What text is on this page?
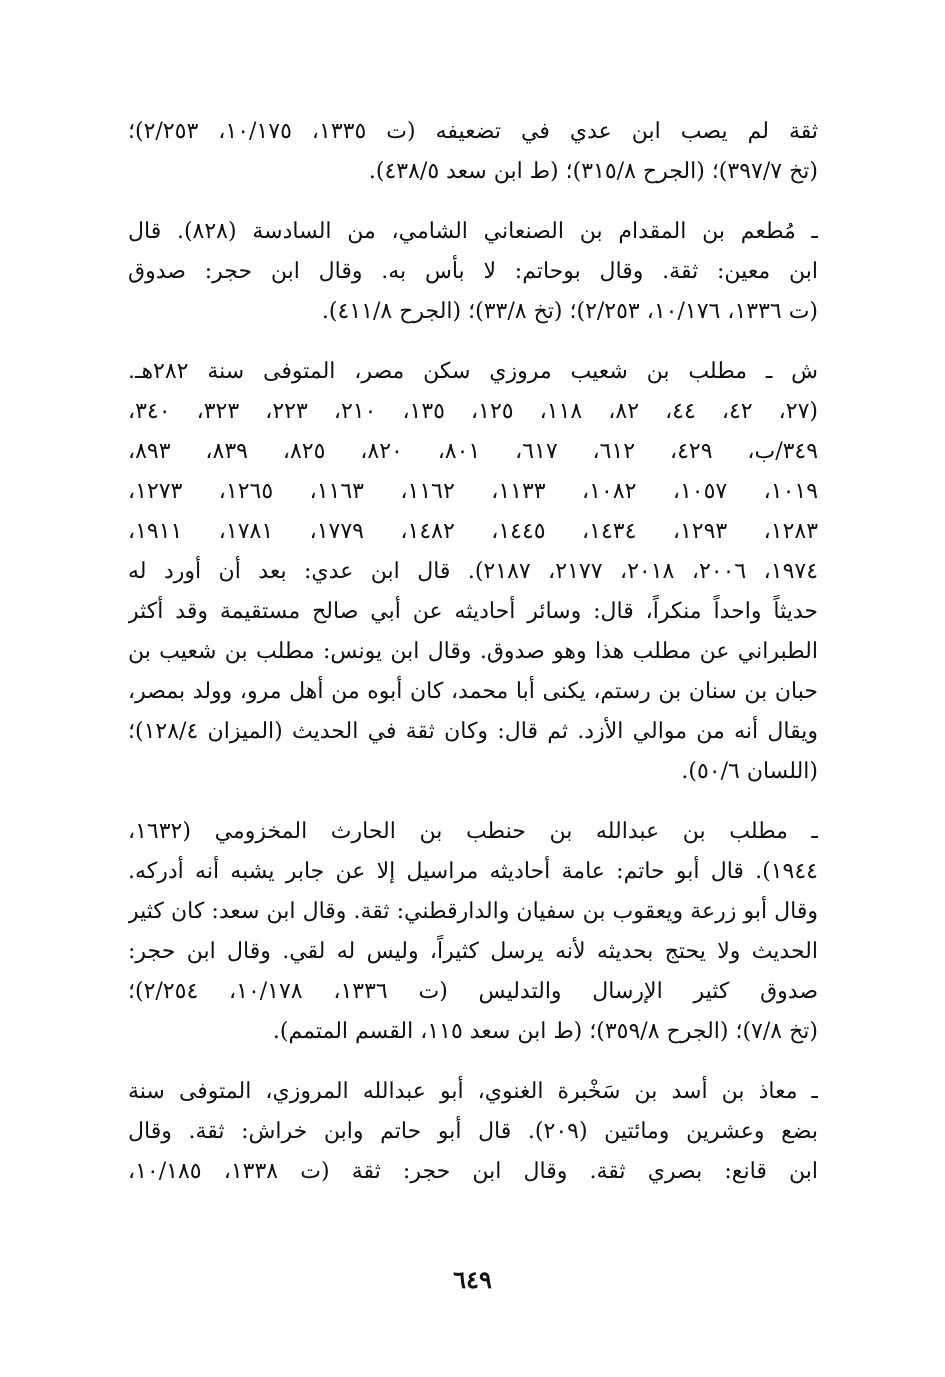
ثقة لم يصب ابن عدي في تضعيفه (ت ١٣٣٥، ١٠/١٧٥، ٢/٢٥٣)؛
(تخ ٣٩٧/٧)؛ (الجرح ٣١٥/٨)؛ (ط ابن سعد ٤٣٨/٥).
ـ مُطعم بن المقدام بن الصنعاني الشامي، من السادسة (٨٢٨). قال
ابن معين: ثقة. وقال بوحاتم: لا بأس به. وقال ابن حجر: صدوق
(ت ١٣٣٦، ١٠/١٧٦، ٢/٢٥٣)؛ (تخ ٣٣/٨)؛ (الجرح ٤١١/٨).
ش ـ مطلب بن شعيب مروزي سكن مصر، المتوفى سنة ٢٨٢هـ.
(٢٧، ٤٢، ٤٤، ٨٢، ١١٨، ١٢٥، ١٣٥، ٢١٠، ٢٢٣، ٣٢٣، ٣٤٠،
٣٤٩/ب، ٤٢٩، ٦١٢، ٦١٧، ٨٠١، ٨٢٠، ٨٢٥، ٨٣٩، ٨٩٣،
١٠١٩، ١٠٥٧، ١٠٨٢، ١١٣٣، ١١٦٢، ١١٦٣، ١٢٦٥، ١٢٧٣،
١٢٨٣، ١٢٩٣، ١٤٣٤، ١٤٤٥، ١٤٨٢، ١٧٧٩، ١٧٨١، ١٩١١،
١٩٧٤، ٢٠٠٦، ٢٠١٨، ٢١٧٧، ٢١٨٧). قال ابن عدي: بعد أن أورد له
حديثاً واحداً منكراً، قال: وسائر أحاديثه عن أبي صالح مستقيمة وقد أكثر
الطبراني عن مطلب هذا وهو صدوق. وقال ابن يونس: مطلب بن شعيب بن
حبان بن سنان بن رستم، يكنى أبا محمد، كان أبوه من أهل مرو، وولد بمصر،
ويقال أنه من موالي الأزد. ثم قال: وكان ثقة في الحديث (الميزان ١٢٨/٤)؛
(اللسان ٥٠/٦).
ـ مطلب بن عبدالله بن حنطب بن الحارث المخزومي (١٦٣٢،
١٩٤٤). قال أبو حاتم: عامة أحاديثه مراسيل إلا عن جابر يشبه أنه أدركه.
وقال أبو زرعة ويعقوب بن سفيان والدارقطني: ثقة. وقال ابن سعد: كان كثير
الحديث ولا يحتج بحديثه لأنه يرسل كثيراً، وليس له لقي. وقال ابن حجر:
صدوق كثير الإرسال والتدليس (ت ١٣٣٦، ١٠/١٧٨، ٢/٢٥٤)؛
(تخ ٧/٨)؛ (الجرح ٣٥٩/٨)؛ (ط ابن سعد ١١٥، القسم المتمم).
ـ معاذ بن أسد بن سَخْبرة الغنوي، أبو عبدالله المروزي، المتوفى سنة
بضع وعشرين ومائتين (٢٠٩). قال أبو حاتم وابن خراش: ثقة. وقال
ابن قانع: بصري ثقة. وقال ابن حجر: ثقة (ت ١٣٣٨، ١٠/١٨٥،
٦٤٩
